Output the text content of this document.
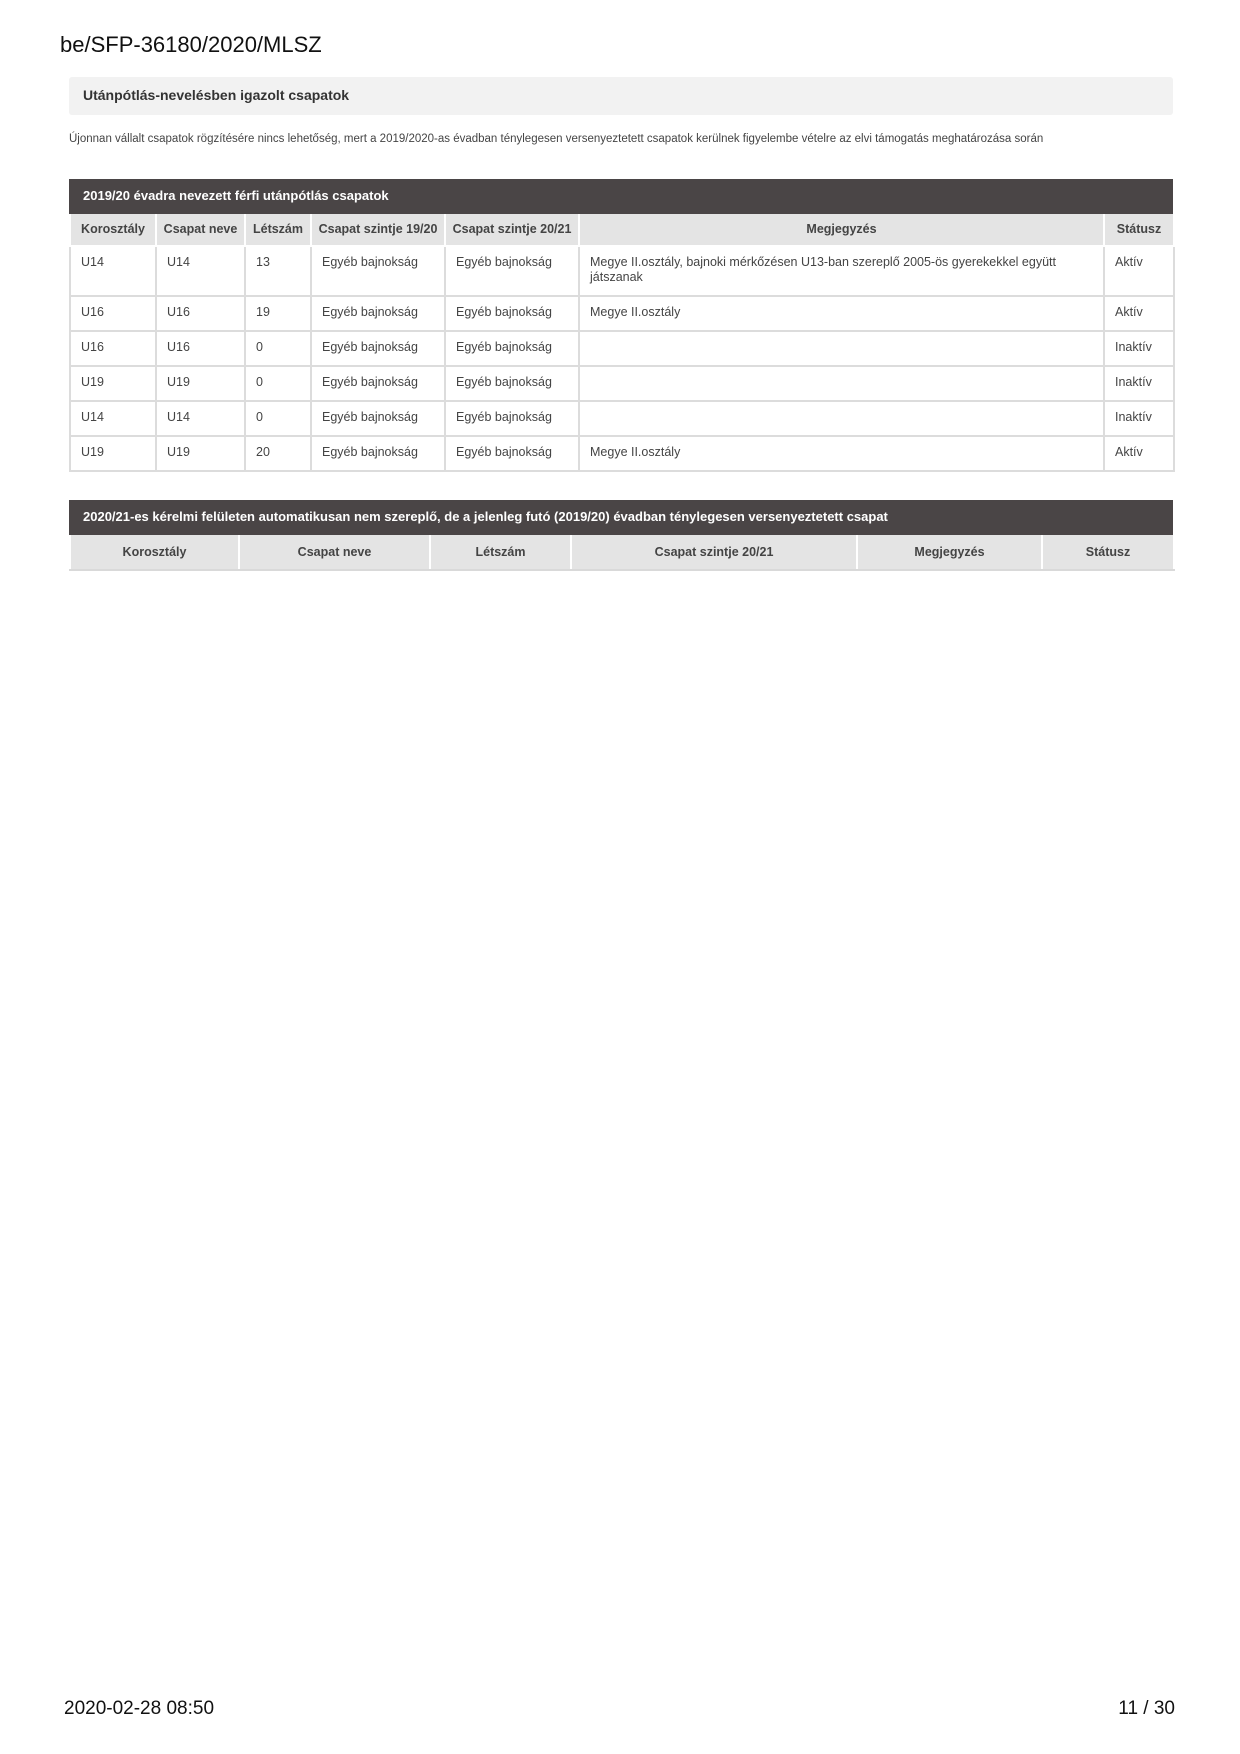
be/SFP-36180/2020/MLSZ
Utánpótlás-nevelésben igazolt csapatok
Újonnan vállalt csapatok rögzítésére nincs lehetőség, mert a 2019/2020-as évadban ténylegesen versenyeztetett csapatok kerülnek figyelembe vételre az elvi támogatás meghatározása során
2019/20 évadra nevezett férfi utánpótlás csapatok
Korosztály	Csapat neve	Létszám	Csapat szintje 19/20	Csapat szintje 20/21	Megjegyzés	Státusz
U14	U14	13	Egyéb bajnokság	Egyéb bajnokság	Megye II.osztály, bajnoki mérkőzésen U13-ban szereplő 2005-ös gyerekekkel együtt játszanak	Aktív
U16	U16	19	Egyéb bajnokság	Egyéb bajnokság	Megye II.osztály	Aktív
U16	U16	0	Egyéb bajnokság	Egyéb bajnokság		Inaktív
U19	U19	0	Egyéb bajnokság	Egyéb bajnokság		Inaktív
U14	U14	0	Egyéb bajnokság	Egyéb bajnokság		Inaktív
U19	U19	20	Egyéb bajnokság	Egyéb bajnokság	Megye II.osztály	Aktív
2020/21-es kérelmi felületen automatikusan nem szereplő, de a jelenleg futó (2019/20) évadban ténylegesen versenyeztetett csapat
Korosztály	Csapat neve	Létszám	Csapat szintje 20/21	Megjegyzés	Státusz
2020-02-28 08:50	11 / 30
